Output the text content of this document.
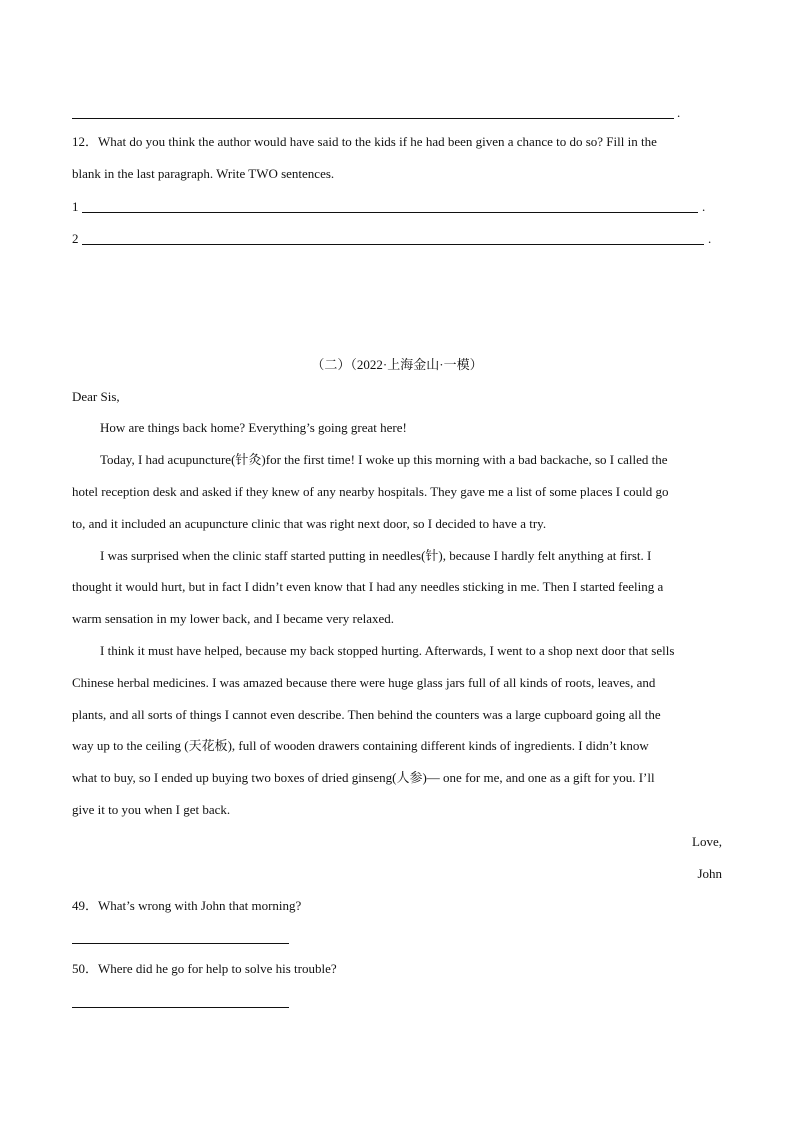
.
12．What do you think the author would have said to the kids if he had been given a chance to do so? Fill in the
blank in the last paragraph. Write TWO sentences.
1	.
2	.
（二）（2022·上海金山·一模）
Dear Sis,
How are things back home? Everything’s going great here!
Today, I had acupuncture(针灸)for the first time! I woke up this morning with a bad backache, so I called the
hotel reception desk and asked if they knew of any nearby hospitals. They gave me a list of some places I could go
to, and it included an acupuncture clinic that was right next door, so I decided to have a try.
I was surprised when the clinic staff started putting in needles(针), because I hardly felt anything at first. I
thought it would hurt, but in fact I didn’t even know that I had any needles sticking in me. Then I started feeling a
warm sensation in my lower back, and I became very relaxed.
I think it must have helped, because my back stopped hurting. Afterwards, I went to a shop next door that sells
Chinese herbal medicines. I was amazed because there were huge glass jars full of all kinds of roots, leaves, and
plants, and all sorts of things I cannot even describe. Then behind the counters was a large cupboard going all the
way up to the ceiling (天花板), full of wooden drawers containing different kinds of ingredients. I didn’t know
what to buy, so I ended up buying two boxes of dried ginseng(人参)— one for me, and one as a gift for you. I’ll
give it to you when I get back.
Love,
John
49．What’s wrong with John that morning?
50．Where did he go for help to solve his trouble?
